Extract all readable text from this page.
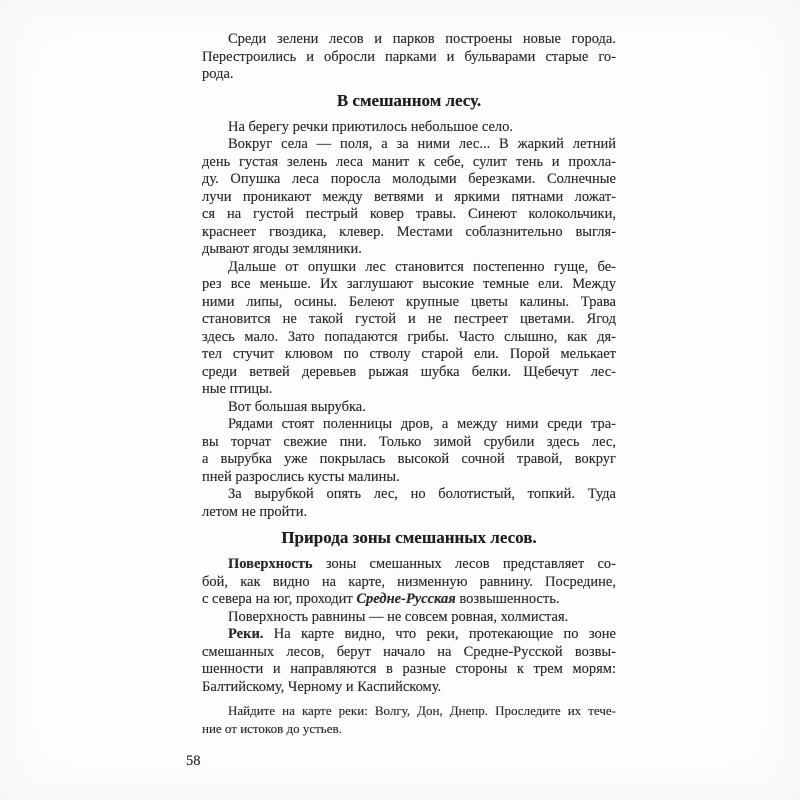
Среди зелени лесов и парков построены новые города.
Перестроились и обросли парками и бульварами старые го-
рода.
В смешанном лесу.
На берегу речки приютилось небольшое село.
Вокруг села — поля, а за ними лес... В жаркий летний
день густая зелень леса манит к себе, сулит тень и прохла-
ду. Опушка леса поросла молодыми березками. Солнечные
лучи проникают между ветвями и яркими пятнами ложат-
ся на густой пестрый ковер травы. Синеют колокольчики,
краснеет гвоздика, клевер. Местами соблазнительно выгля-
дывают ягоды земляники.
Дальше от опушки лес становится постепенно гуще, бе-
рез все меньше. Их заглушают высокие темные ели. Между
ними липы, осины. Белеют крупные цветы калины. Трава
становится не такой густой и не пестреет цветами. Ягод
здесь мало. Зато попадаются грибы. Часто слышно, как дя-
тел стучит клювом по стволу старой ели. Порой мелькает
среди ветвей деревьев рыжая шубка белки. Щебечут лес-
ные птицы.
Вот большая вырубка.
Рядами стоят поленницы дров, а между ними среди тра-
вы торчат свежие пни. Только зимой срубили здесь лес,
а вырубка уже покрылась высокой сочной травой, вокруг
пней разрослись кусты малины.
За вырубкой опять лес, но болотистый, топкий. Туда
летом не пройти.
Природа зоны смешанных лесов.
Поверхность зоны смешанных лесов представляет со-
бой, как видно на карте, низменную равнину. Посредине,
с севера на юг, проходит Средне-Русская возвышенность.
Поверхность равнины — не совсем ровная, холмистая.
Реки. На карте видно, что реки, протекающие по зоне
смешанных лесов, берут начало на Средне-Русской возвы-
шенности и направляются в разные стороны к трем морям:
Балтийскому, Черному и Каспийскому.
Найдите на карте реки: Волгу, Дон, Днепр. Проследите их тече-
ние от истоков до устьев.
58
